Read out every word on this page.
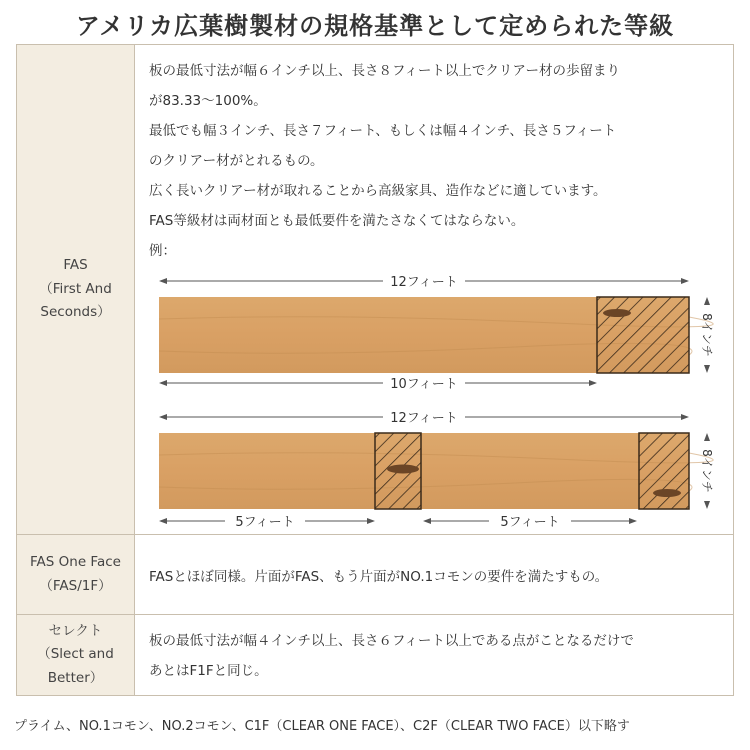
アメリカ広葉樹製材の規格基準として定められた等級
FAS
（First And
Seconds）
板の最低寸法が幅６インチ以上、長さ８フィート以上でクリアー材の歩留まり
が83.33～100%。
最低でも幅３インチ、長さ７フィート、もしくは幅４インチ、長さ５フィート
のクリアー材がとれるもの。
広く長いクリアー材が取れることから高級家具、造作などに適しています。
FAS等級材は両材面とも最低要件を満たさなくてはならない。
例：
12フィート
10フィート
8インチ
12フィート
5フィート	5フィート
8インチ
FAS One Face
（FAS/1F）
FASとほぼ同様。片面がFAS、もう片面がNO.1コモンの要件を満たすもの。
セレクト
（Slect and
Better）
板の最低寸法が幅４インチ以上、長さ６フィート以上である点がことなるだけで
あとはF1Fと同じ。
プライム、NO.1コモン、NO.2コモン、C1F（CLEAR ONE FACE）、C2F（CLEAR TWO FACE）以下略す
